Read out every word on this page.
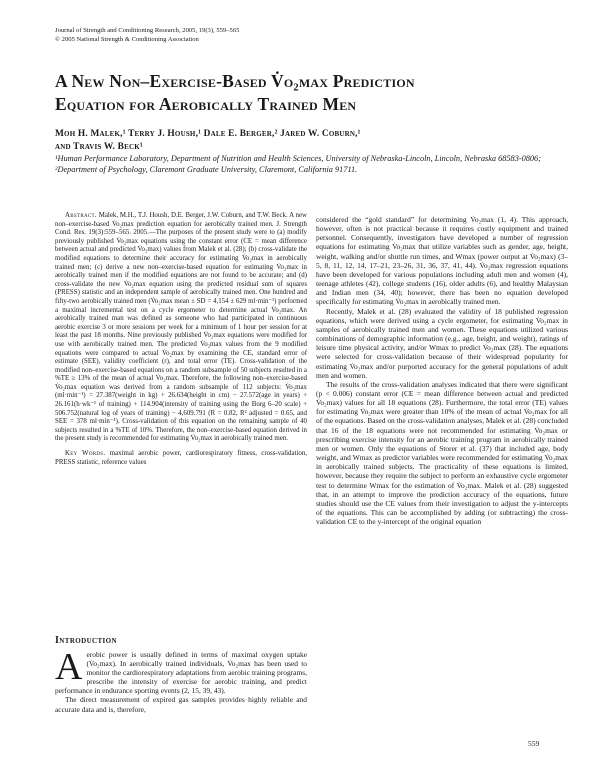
Journal of Strength and Conditioning Research, 2005, 19(3), 559–565
© 2005 National Strength & Conditioning Association
A New Non–Exercise-Based V̇o₂max Prediction
Equation for Aerobically Trained Men
Moh H. Malek,¹ Terry J. Housh,¹ Dale E. Berger,² Jared W. Coburn,¹
and Travis W. Beck¹
¹Human Performance Laboratory, Department of Nutrition and Health Sciences, University of Nebraska-Lincoln, Lincoln, Nebraska 68583-0806; ²Department of Psychology, Claremont Graduate University, Claremont, California 91711.

Abstract. Malek, M.H., T.J. Housh, D.E. Berger, J.W. Coburn, and T.W. Beck. A new non–exercise-based V̇o₂max prediction equation for aerobically trained men. J. Strength Cond. Res. 19(3):559–565. 2005.—The purposes of the present study were to (a) modify previously published V̇o₂max equations using the constant error (CE = mean difference between actual and predicted V̇o₂max) values from Malek et al. (28); (b) cross-validate the modified equations to determine their accuracy for estimating V̇o₂max in aerobically trained men; (c) derive a new non–exercise-based equation for estimating V̇o₂max in aerobically trained men if the modified equations are not found to be accurate; and (d) cross-validate the new V̇o₂max equation using the predicted residual sum of squares (PRESS) statistic and an independent sample of aerobically trained men. One hundred and fifty-two aerobically trained men (V̇o₂max mean ± SD = 4,154 ± 629 ml·min⁻¹) performed a maximal incremental test on a cycle ergometer to determine actual V̇o₂max. An aerobically trained man was defined as someone who had participated in continuous aerobic exercise 3 or more sessions per week for a minimum of 1 hour per session for at least the past 18 months. Nine previously published V̇o₂max equations were modified for use with aerobically trained men. The predicted V̇o₂max values from the 9 modified equations were compared to actual V̇o₂max by examining the CE, standard error of estimate (SEE), validity coefficient (r), and total error (TE). Cross-validation of the modified non–exercise-based equations on a random subsample of 50 subjects resulted in a %TE ≥ 13% of the mean of actual V̇o₂max. Therefore, the following non–exercise-based V̇o₂max equation was derived from a random subsample of 112 subjects: V̇o₂max (ml·min⁻¹) = 27.387(weight in kg) + 26.634(height in cm) − 27.572(age in years) + 26.161(h·wk⁻¹ of training) + 114.904(intensity of training using the Borg 6–20 scale) + 506.752(natural log of years of training) − 4,609.791 (R = 0.82, R² adjusted = 0.65, and SEE = 378 ml·min⁻¹). Cross-validation of this equation on the remaining sample of 40 subjects resulted in a %TE of 10%. Therefore, the non–exercise-based equation derived in the present study is recommended for estimating V̇o₂max in aerobically trained men.

Key Words. maximal aerobic power, cardiorespiratory fitness, cross-validation, PRESS statistic, reference values

Introduction

Aerobic power is usually defined in terms of maximal oxygen uptake (V̇o₂max). In aerobically trained individuals, V̇o₂max has been used to monitor the cardiorespiratory adaptations from aerobic training programs, prescribe the intensity of exercise for aerobic training, and predict performance in endurance sporting events (2, 15, 39, 43).

The direct measurement of expired gas samples provides highly reliable and accurate data and is, therefore,

considered the “gold standard” for determining V̇o₂max (1, 4). This approach, however, often is not practical because it requires costly equipment and trained personnel. Consequently, investigators have developed a number of regression equations for estimating V̇o₂max that utilize variables such as gender, age, height, weight, walking and/or shuttle run times, and Wmax (power output at V̇o₂max) (3–5, 8, 11, 12, 14, 17–21, 23–26, 31, 36, 37, 41, 44). V̇o₂max regression equations have been developed for various populations including adult men and women (4), teenage athletes (42), college students (16), older adults (6), and healthy Malaysian and Indian men (34, 40); however, there has been no equation developed specifically for estimating V̇o₂max in aerobically trained men.

Recently, Malek et al. (28) evaluated the validity of 18 published regression equations, which were derived using a cycle ergometer, for estimating V̇o₂max in samples of aerobically trained men and women. These equations utilized various combinations of demographic information (e.g., age, height, and weight), ratings of leisure time physical activity, and/or Wmax to predict V̇o₂max (28). The equations were selected for cross-validation because of their widespread popularity for estimating V̇o₂max and/or purported accuracy for the general populations of adult men and women.

The results of the cross-validation analyses indicated that there were significant (p < 0.006) constant error (CE = mean difference between actual and predicted V̇o₂max) values for all 18 equations (28). Furthermore, the total error (TE) values for estimating V̇o₂max were greater than 10% of the mean of actual V̇o₂max for all of the equations. Based on the cross-validation analyses, Malek et al. (28) concluded that 16 of the 18 equations were not recommended for estimating V̇o₂max or prescribing exercise intensity for an aerobic training program in aerobically trained men or women. Only the equations of Storer et al. (37) that included age, body weight, and Wmax as predictor variables were recommended for estimating V̇o₂max in aerobically trained subjects. The practicality of these equations is limited, however, because they require the subject to perform an exhaustive cycle ergometer test to determine Wmax for the estimation of V̇o₂max. Malek et al. (28) suggested that, in an attempt to improve the prediction accuracy of the equations, future studies should use the CE values from their investigation to adjust the y-intercepts of the equations. This can be accomplished by adding (or subtracting) the cross-validation CE to the y-intercept of the original equation

559
